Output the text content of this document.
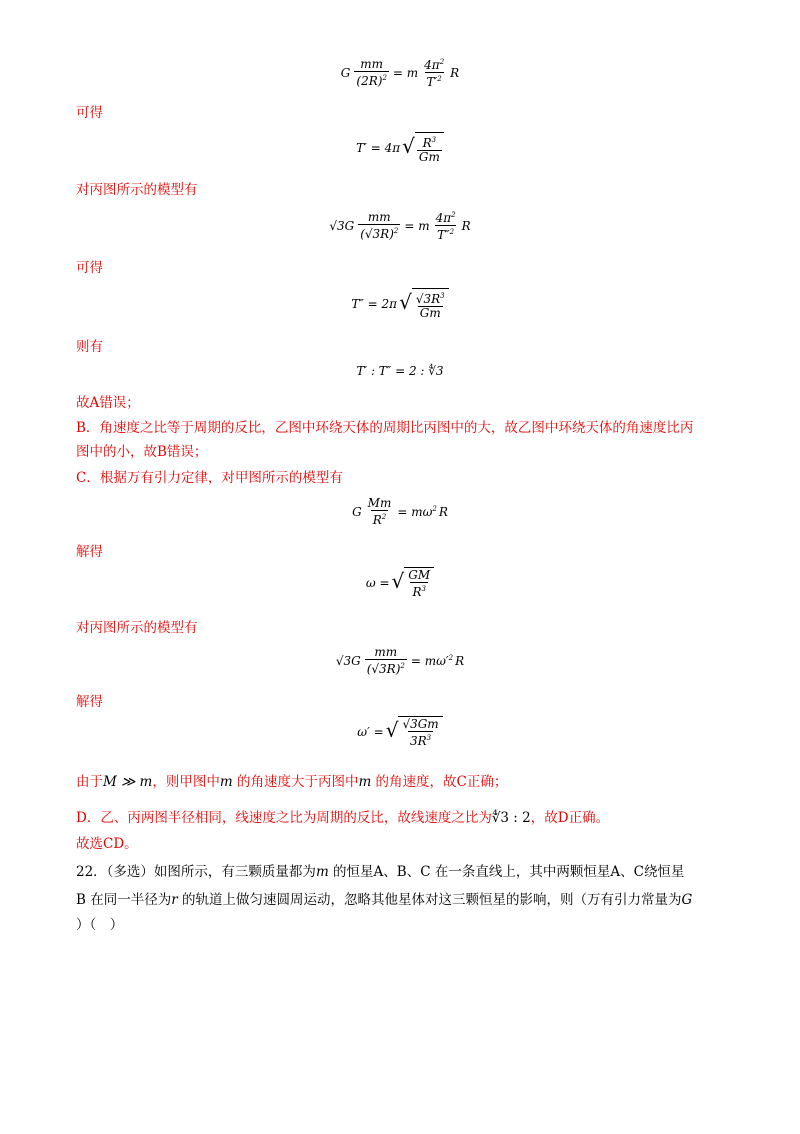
G $\frac{mm}{(2R)^2} = m \frac{4\pi^2}{T'^2}$ R
可得
T′ = 4π √ $\frac{R^3}{Gm}$
对丙图所示的模型有
$√3G \frac{mm}{(√3R)^2} = m \frac{4\pi^2}{T''^2}$ R
可得
T″ = 2π √ $\frac{√3R^3}{Gm}$
则有
T′ : T″ = 2 : ∜3
故A错误；
B．角速度之比等于周期的反比，乙图中环绕天体的周期比丙图中的大，故乙图中环绕天体的角速度比丙
图中的小，故B错误；
C．根据万有引力定律，对甲图所示的模型有
G $\frac{Mm}{R^2} = m\omega^2$ R
解得
ω = √ $\frac{GM}{R^3}$
对丙图所示的模型有
$√3G \frac{mm}{(√3R)^2} = m\omega'^2$ R
解得
ω′ = √ $\frac{√3Gm}{3R^3}$
由于M ≫ m，则甲图中m 的角速度大于丙图中m 的角速度，故C正确；
D．乙、丙两图半径相同，线速度之比为周期的反比，故线速度之比为∜3 : 2，故D正确。
故选CD。
22．（多选）如图所示，有三颗质量都为m 的恒星A、B、C 在一条直线上，其中两颗恒星A、C绕恒星
B 在同一半径为r 的轨道上做匀速圆周运动，忽略其他星体对这三颗恒星的影响，则（万有引力常量为G
）（　）
